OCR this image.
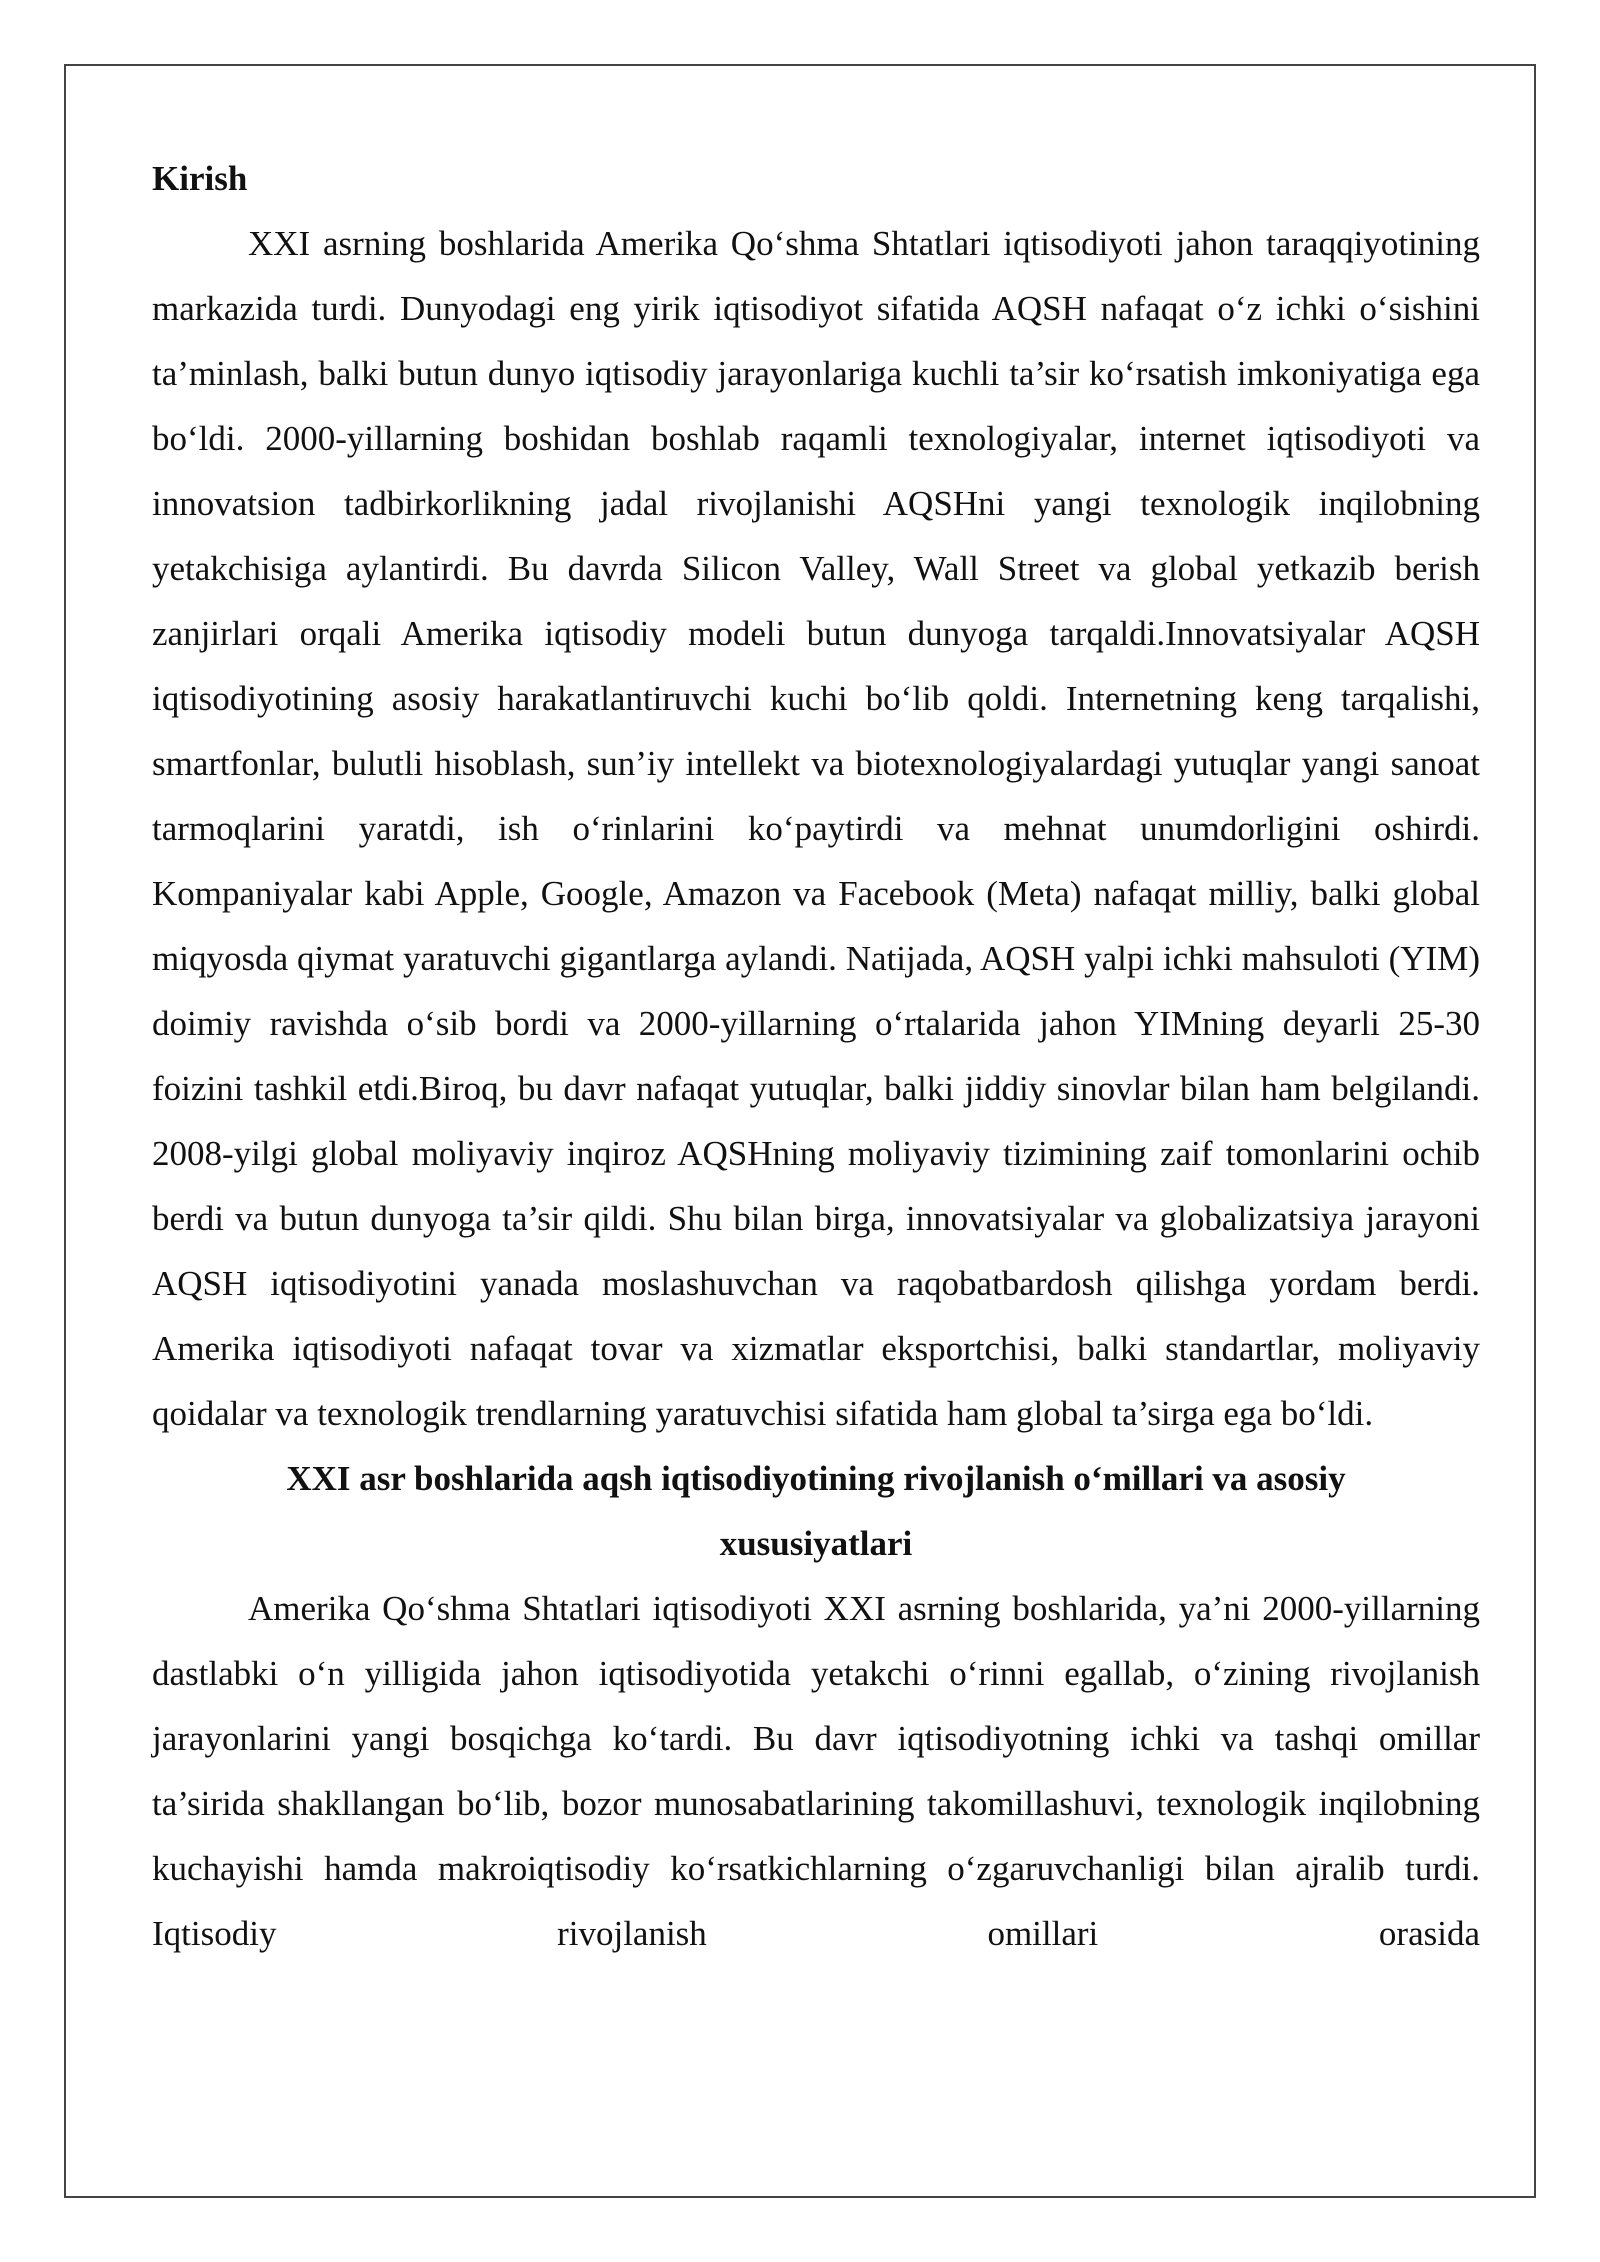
Kirish

XXI asrning boshlarida Amerika Qo‘shma Shtatlari iqtisodiyoti jahon taraqqiyotining markazida turdi. Dunyodagi eng yirik iqtisodiyot sifatida AQSH nafaqat o‘z ichki o‘sishini ta’minlash, balki butun dunyo iqtisodiy jarayonlariga kuchli ta’sir ko‘rsatish imkoniyatiga ega bo‘ldi. 2000-yillarning boshidan boshlab raqamli texnologiyalar, internet iqtisodiyoti va innovatsion tadbirkorlikning jadal rivojlanishi AQSHni yangi texnologik inqilobning yetakchisiga aylantirdi. Bu davrda Silicon Valley, Wall Street va global yetkazib berish zanjirlari orqali Amerika iqtisodiy modeli butun dunyoga tarqaldi.Innovatsiyalar AQSH iqtisodiyotining asosiy harakatlantiruvchi kuchi bo‘lib qoldi. Internetning keng tarqalishi, smartfonlar, bulutli hisoblash, sun’iy intellekt va biotexnologiyalardagi yutuqlar yangi sanoat tarmoqlarini yaratdi, ish o‘rinlarini ko‘paytirdi va mehnat unumdorligini oshirdi. Kompaniyalar kabi Apple, Google, Amazon va Facebook (Meta) nafaqat milliy, balki global miqyosda qiymat yaratuvchi gigantlarga aylandi. Natijada, AQSH yalpi ichki mahsuloti (YIM) doimiy ravishda o‘sib bordi va 2000-yillarning o‘rtalarida jahon YIMning deyarli 25-30 foizini tashkil etdi.Biroq, bu davr nafaqat yutuqlar, balki jiddiy sinovlar bilan ham belgilandi. 2008-yilgi global moliyaviy inqiroz AQSHning moliyaviy tizimining zaif tomonlarini ochib berdi va butun dunyoga ta’sir qildi. Shu bilan birga, innovatsiyalar va globalizatsiya jarayoni AQSH iqtisodiyotini yanada moslashuvchan va raqobatbardosh qilishga yordam berdi. Amerika iqtisodiyoti nafaqat tovar va xizmatlar eksportchisi, balki standartlar, moliyaviy qoidalar va texnologik trendlarning yaratuvchisi sifatida ham global ta’sirga ega bo‘ldi.

XXI asr boshlarida aqsh iqtisodiyotining rivojlanish o‘millari va asosiy xususiyatlari

Amerika Qo‘shma Shtatlari iqtisodiyoti XXI asrning boshlarida, ya’ni 2000-yillarning dastlabki o‘n yilligida jahon iqtisodiyotida yetakchi o‘rinni egallab, o‘zining rivojlanish jarayonlarini yangi bosqichga ko‘tardi. Bu davr iqtisodiyotning ichki va tashqi omillar ta’sirida shakllangan bo‘lib, bozor munosabatlarining takomillashuvi, texnologik inqilobning kuchayishi hamda makroiqtisodiy ko‘rsatkichlarning o‘zgaruvchanligi bilan ajralib turdi. Iqtisodiy rivojlanish omillari orasida
